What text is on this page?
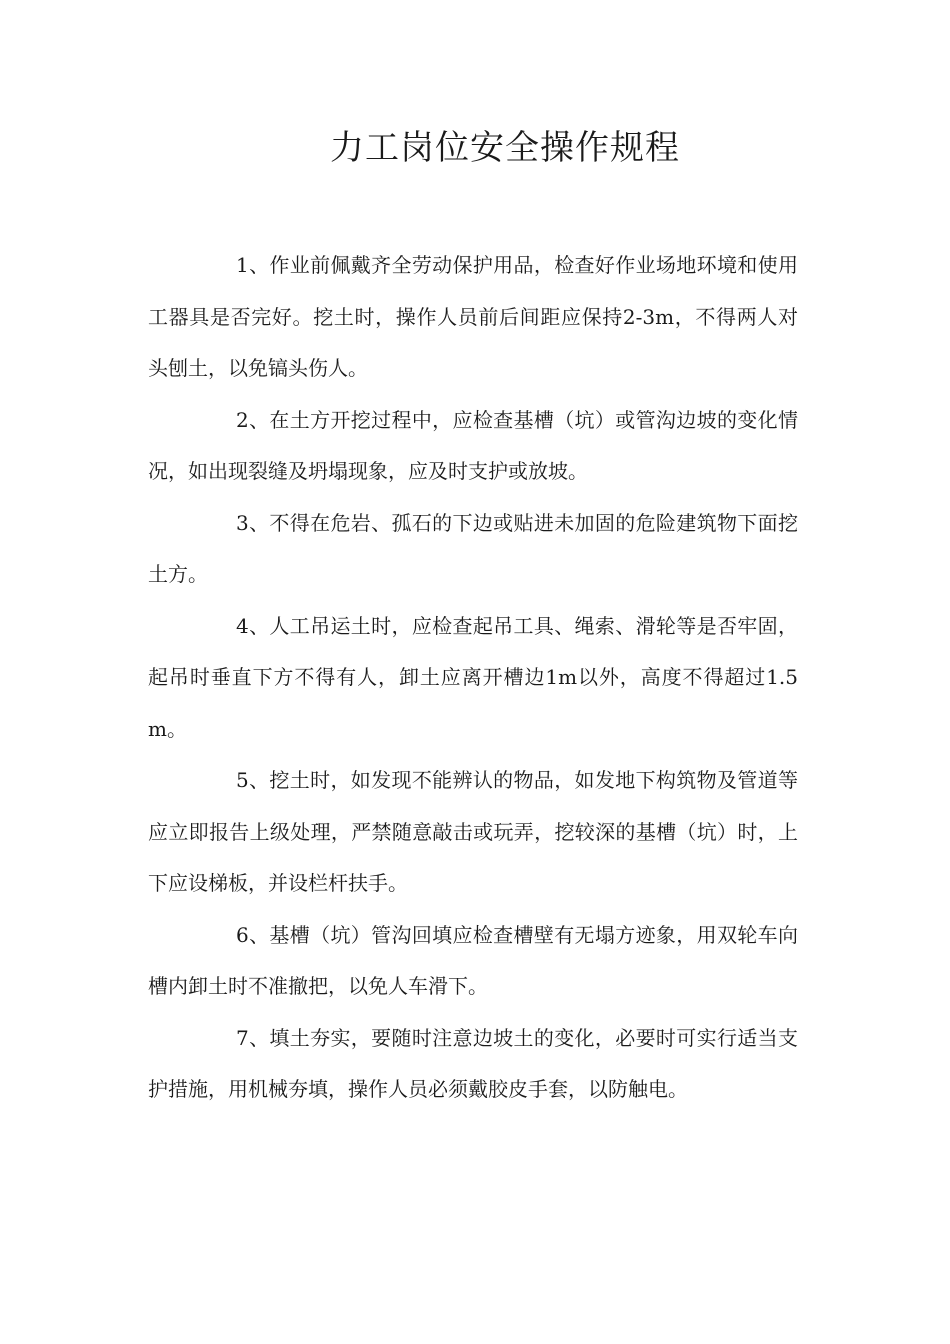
力工岗位安全操作规程

1、作业前佩戴齐全劳动保护用品，检查好作业场地环境和使用工器具是否完好。挖土时，操作人员前后间距应保持2-3m，不得两人对头刨土，以免镐头伤人。

2、在土方开挖过程中，应检查基槽（坑）或管沟边坡的变化情况，如出现裂缝及坍塌现象，应及时支护或放坡。

3、不得在危岩、孤石的下边或贴进未加固的危险建筑物下面挖土方。

4、人工吊运土时，应检查起吊工具、绳索、滑轮等是否牢固，起吊时垂直下方不得有人，卸土应离开槽边1m以外，高度不得超过1.5m。

5、挖土时，如发现不能辨认的物品，如发地下构筑物及管道等应立即报告上级处理，严禁随意敲击或玩弄，挖较深的基槽（坑）时，上下应设梯板，并设栏杆扶手。

6、基槽（坑）管沟回填应检查槽壁有无塌方迹象，用双轮车向槽内卸土时不准撤把，以免人车滑下。

7、填土夯实，要随时注意边坡土的变化，必要时可实行适当支护措施，用机械夯填，操作人员必须戴胶皮手套，以防触电。
